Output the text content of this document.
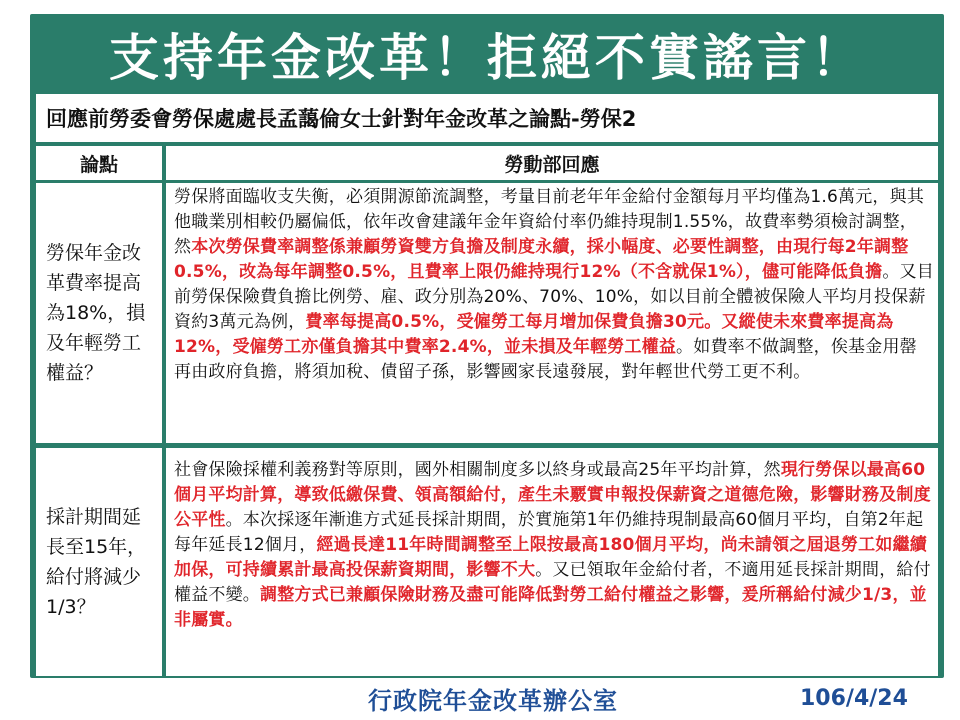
支持年金改革！拒絕不實謠言！
回應前勞委會勞保處處長孟藹倫女士針對年金改革之論點-勞保2
論點	勞動部回應
勞保年金改革費率提高為18%，損及年輕勞工權益？
勞保將面臨收支失衡，必須開源節流調整，考量目前老年年金給付金額每月平均僅為1.6萬元，與其他職業別相較仍屬偏低，依年改會建議年金年資給付率仍維持現制1.55%，故費率勢須檢討調整，然本次勞保費率調整係兼顧勞資雙方負擔及制度永續，採小幅度、必要性調整，由現行每2年調整0.5%，改為每年調整0.5%，且費率上限仍維持現行12%（不含就保1%），儘可能降低負擔。又目前勞保保險費負擔比例勞、雇、政分別為20%、70%、10%，如以目前全體被保險人平均月投保薪資約3萬元為例，費率每提高0.5%，受僱勞工每月增加保費負擔30元。又縱使未來費率提高為12%，受僱勞工亦僅負擔其中費率2.4%，並未損及年輕勞工權益。如費率不做調整，俟基金用罄再由政府負擔，將須加稅、債留子孫，影響國家長遠發展，對年輕世代勞工更不利。
採計期間延長至15年，給付將減少1/3？
社會保險採權利義務對等原則，國外相關制度多以終身或最高25年平均計算，然現行勞保以最高60個月平均計算，導致低繳保費、領高額給付，產生未覈實申報投保薪資之道德危險，影響財務及制度公平性。本次採逐年漸進方式延長採計期間，於實施第1年仍維持現制最高60個月平均，自第2年起每年延長12個月，經過長達11年時間調整至上限按最高180個月平均，尚未請領之屆退勞工如繼續加保，可持續累計最高投保薪資期間，影響不大。又已領取年金給付者，不適用延長採計期間，給付權益不變。調整方式已兼顧保險財務及盡可能降低對勞工給付權益之影響，爰所稱給付減少1/3，並非屬實。
行政院年金改革辦公室	106/4/24
